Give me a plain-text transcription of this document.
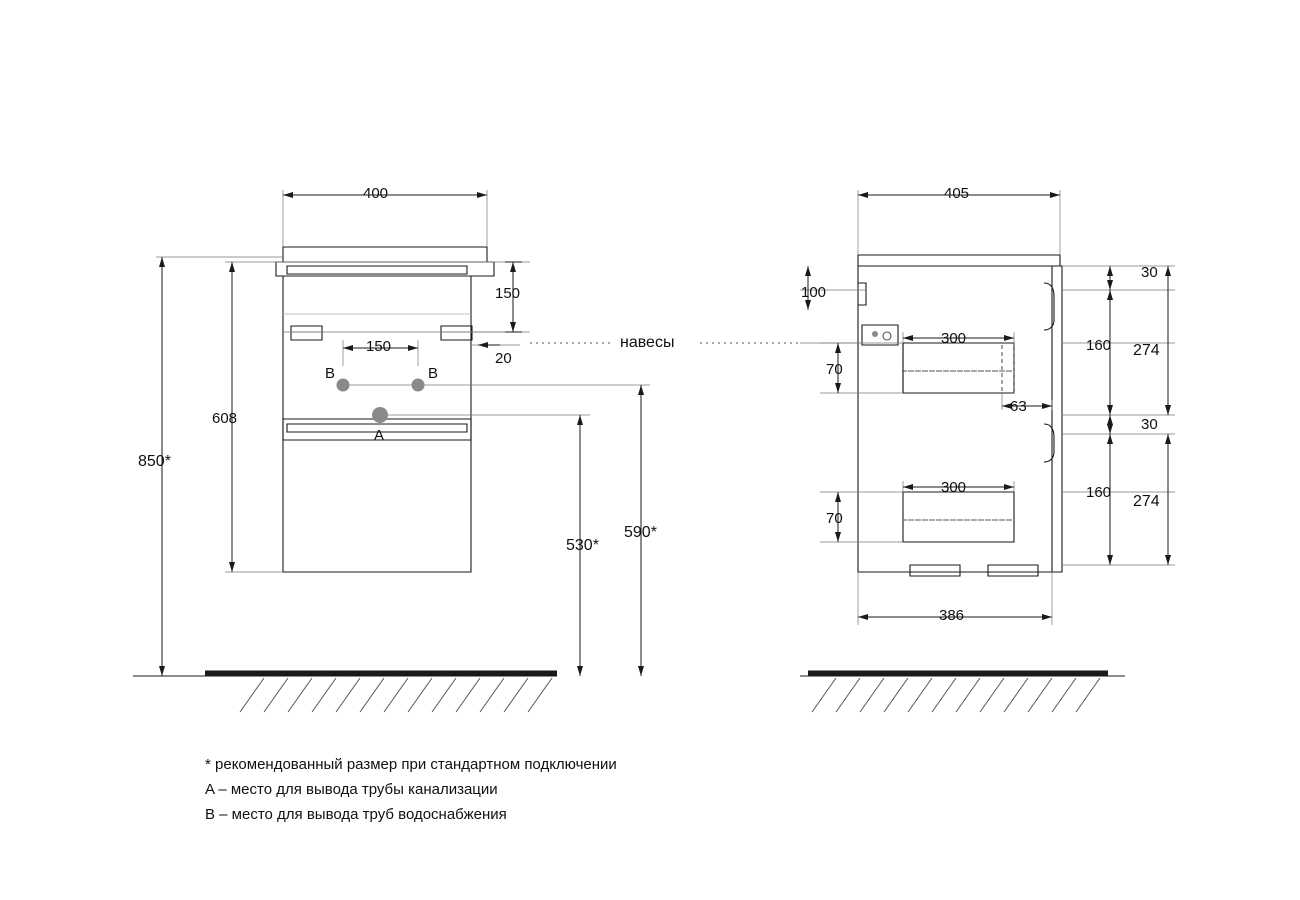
400
150
150
20
608
850*
530*
590*
B	B
A
навесы
405
386
100
70
70
300
300
63
30
160
30
160
274
274
* рекомендованный размер при стандартном подключении
A – место для вывода трубы канализации
B – место для вывода труб водоснабжения
